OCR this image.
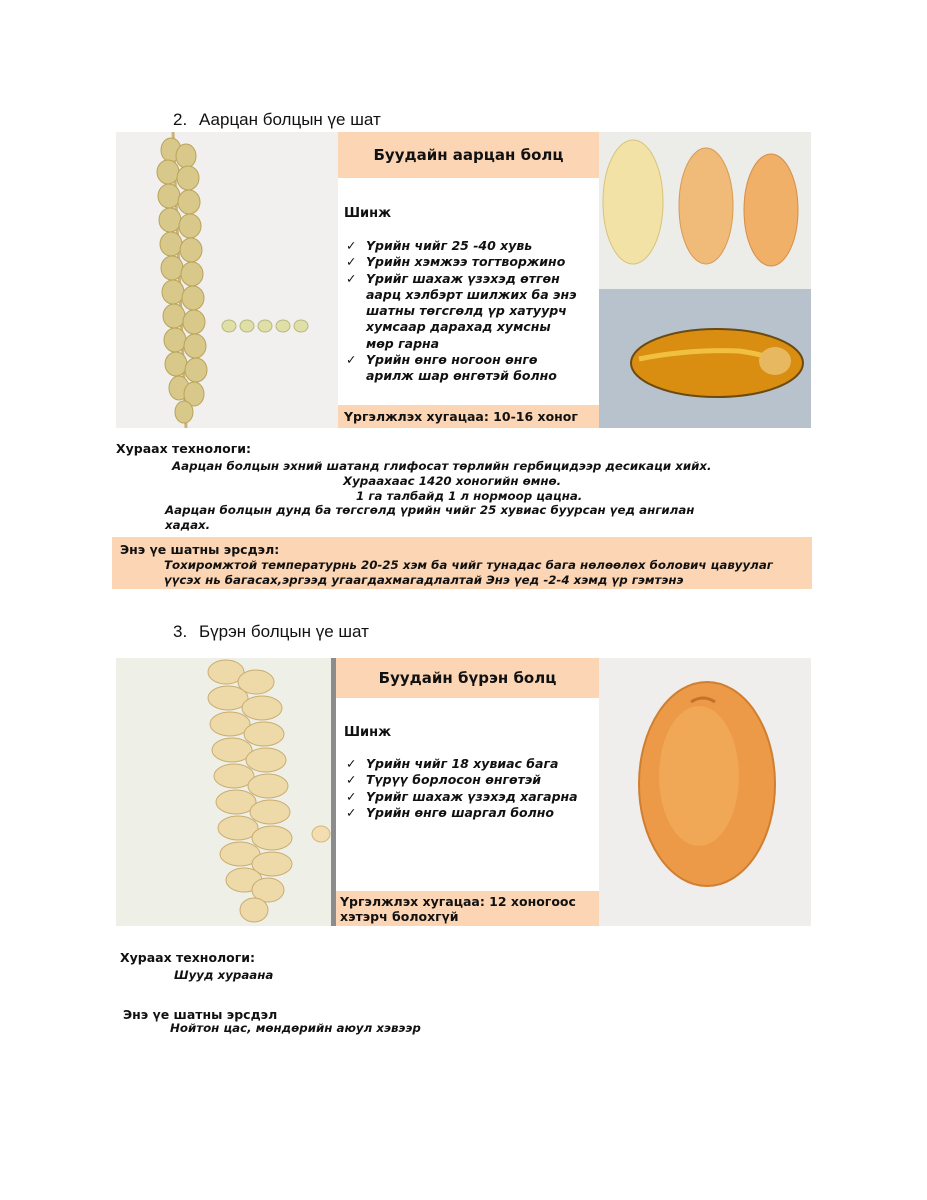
2. Аарцан болцын үе шат
Буудайн аарцан болц
Шинж
✓ Үрийн чийг 25 -40 хувь
✓ Үрийн хэмжээ тогтворжино
✓ Үрийг шахаж үзэхэд өтгөн аарц хэлбэрт шилжих ба энэ шатны төгсгөлд үр хатуурч хумсаар дарахад хумсны мөр гарна
✓ Үрийн өнгө ногоон өнгө арилж шар өнгөтэй болно
Үргэлжлэх хугацаа: 10-16 хоног
Хураах технологи:
Аарцан болцын эхний шатанд глифосат төрлийн гербицидээр десикаци хийх.
Хураахаас 1420 хоногийн өмнө.
1 га талбайд 1 л нормоор цацна.
Аарцан болцын дунд ба төгсгөлд үрийн чийг 25 хувиас буурсан үед ангилан хадах.
Энэ үе шатны эрсдэл:
Тохиромжтой температурнь 20-25 хэм ба чийг тунадас бага нөлөөлөх болович цавуулаг
үүсэх нь багасах,эргээд угаагдахмагадлалтай Энэ үед -2-4 хэмд үр гэмтэнэ
3. Бүрэн болцын үе шат
Буудайн бүрэн болц
Шинж
✓ Үрийн чийг 18 хувиас бага
✓ Түрүү борлосон өнгөтэй
✓ Үрийг шахаж үзэхэд хагарна
✓ Үрийн өнгө шаргал болно
Үргэлжлэх хугацаа: 12 хоногоос
хэтэрч болохгүй
Хураах технологи:
Шууд хураана
Энэ үе шатны эрсдэл
Нойтон цас, мөндөрийн аюул хэвээр
